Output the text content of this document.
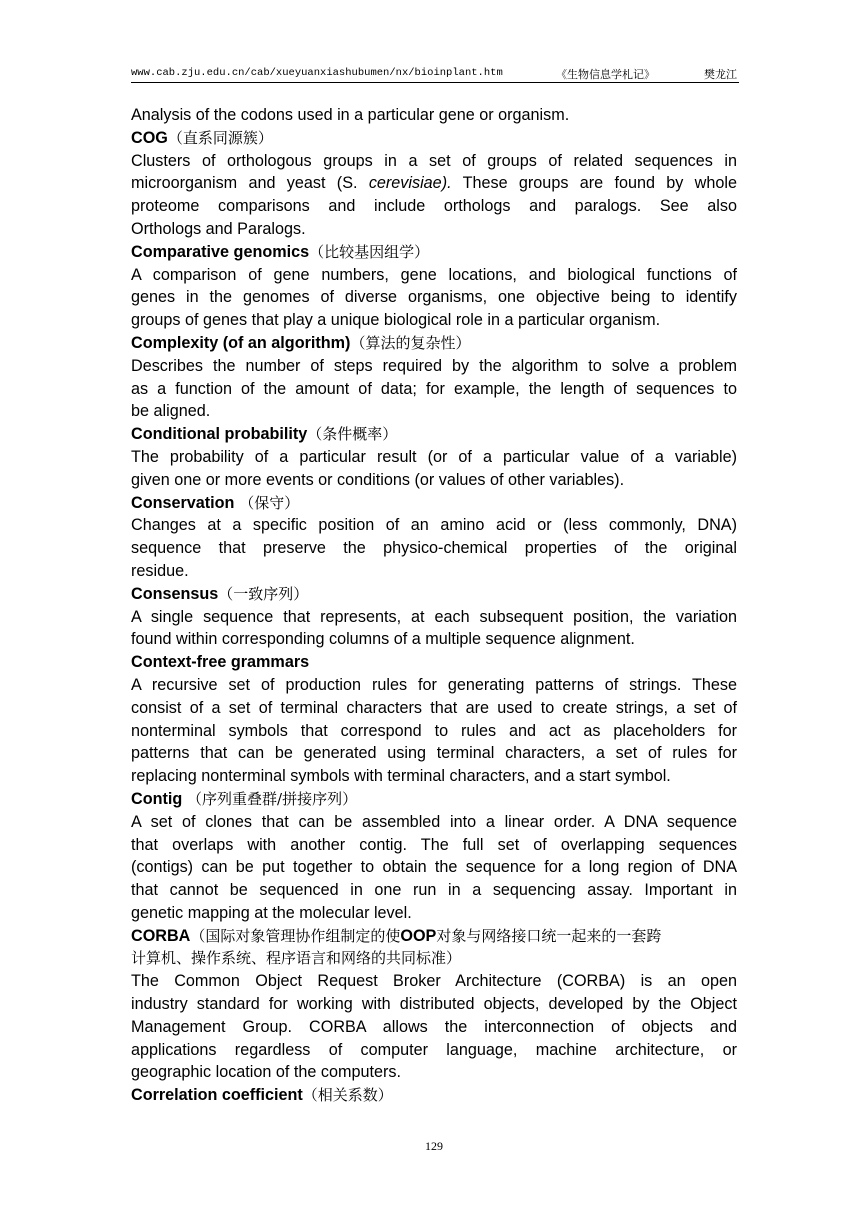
www.cab.zju.edu.cn/cab/xueyuanxiashubumen/nx/bioinplant.htm	《生物信息学札记》	樊龙江
Analysis of the codons used in a particular gene or organism.
COG（直系同源簇）
Clusters of orthologous groups in a set of groups of related sequences in
microorganism and yeast (S. cerevisiae). These groups are found by whole
proteome comparisons and include orthologs and paralogs. See also
Orthologs and Paralogs.
Comparative genomics（比较基因组学）
A comparison of gene numbers, gene locations, and biological functions of
genes in the genomes of diverse organisms, one objective being to identify
groups of genes that play a unique biological role in a particular organism.
Complexity (of an algorithm)（算法的复杂性）
Describes the number of steps required by the algorithm to solve a problem
as a function of the amount of data; for example, the length of sequences to
be aligned.
Conditional probability（条件概率）
The probability of a particular result (or of a particular value of a variable)
given one or more events or conditions (or values of other variables).
Conservation （保守）
Changes at a specific position of an amino acid or (less commonly, DNA)
sequence that preserve the physico-chemical properties of the original
residue.
Consensus（一致序列）
A single sequence that represents, at each subsequent position, the variation
found within corresponding columns of a multiple sequence alignment.
Context-free grammars
A recursive set of production rules for generating patterns of strings. These
consist of a set of terminal characters that are used to create strings, a set of
nonterminal symbols that correspond to rules and act as placeholders for
patterns that can be generated using terminal characters, a set of rules for
replacing nonterminal symbols with terminal characters, and a start symbol.
Contig （序列重叠群/拼接序列）
A set of clones that can be assembled into a linear order. A DNA sequence
that overlaps with another contig. The full set of overlapping sequences
(contigs) can be put together to obtain the sequence for a long region of DNA
that cannot be sequenced in one run in a sequencing assay. Important in
genetic mapping at the molecular level.
CORBA（国际对象管理协作组制定的使OOP对象与网络接口统一起来的一套跨
计算机、操作系统、程序语言和网络的共同标准）
The Common Object Request Broker Architecture (CORBA) is an open
industry standard for working with distributed objects, developed by the Object
Management Group. CORBA allows the interconnection of objects and
applications regardless of computer language, machine architecture, or
geographic location of the computers.
Correlation coefficient（相关系数）
129
